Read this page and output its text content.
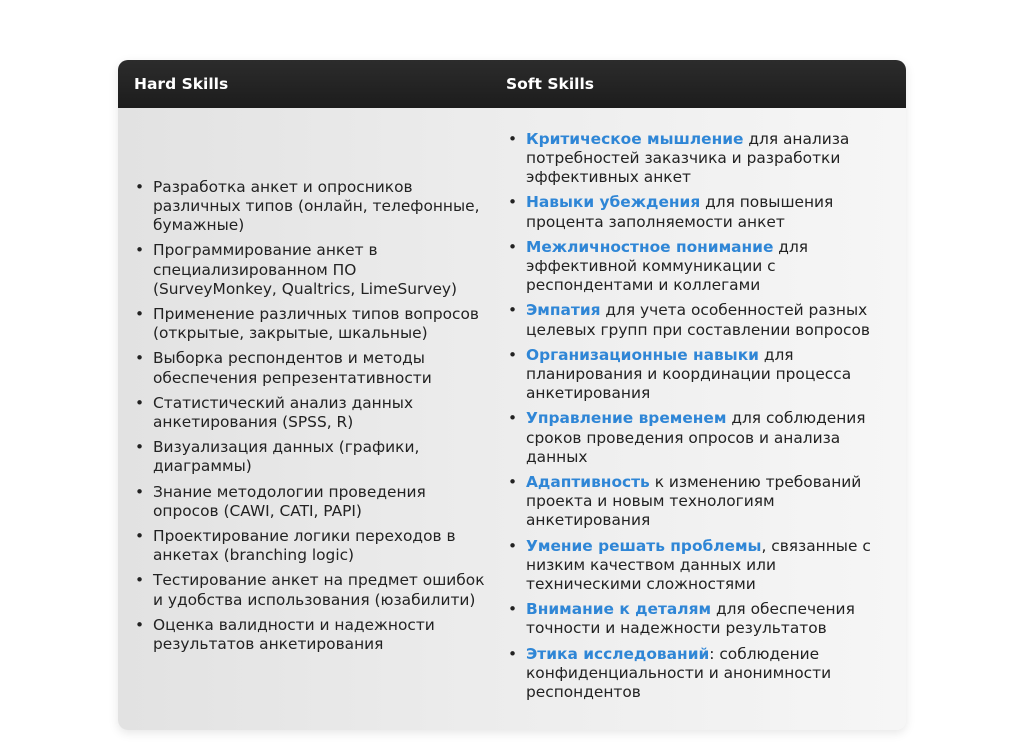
Hard Skills	Soft Skills
• Разработка анкет и опросников различных типов (онлайн, телефонные, бумажные)
• Программирование анкет в специализированном ПО (SurveyMonkey, Qualtrics, LimeSurvey)
• Применение различных типов вопросов (открытые, закрытые, шкальные)
• Выборка респондентов и методы обеспечения репрезентативности
• Статистический анализ данных анкетирования (SPSS, R)
• Визуализация данных (графики, диаграммы)
• Знание методологии проведения опросов (CAWI, CATI, PAPI)
• Проектирование логики переходов в анкетах (branching logic)
• Тестирование анкет на предмет ошибок и удобства использования (юзабилити)
• Оценка валидности и надежности результатов анкетирования
• Критическое мышление для анализа потребностей заказчика и разработки эффективных анкет
• Навыки убеждения для повышения процента заполняемости анкет
• Межличностное понимание для эффективной коммуникации с респондентами и коллегами
• Эмпатия для учета особенностей разных целевых групп при составлении вопросов
• Организационные навыки для планирования и координации процесса анкетирования
• Управление временем для соблюдения сроков проведения опросов и анализа данных
• Адаптивность к изменению требований проекта и новым технологиям анкетирования
• Умение решать проблемы, связанные с низким качеством данных или техническими сложностями
• Внимание к деталям для обеспечения точности и надежности результатов
• Этика исследований: соблюдение конфиденциальности и анонимности респондентов
